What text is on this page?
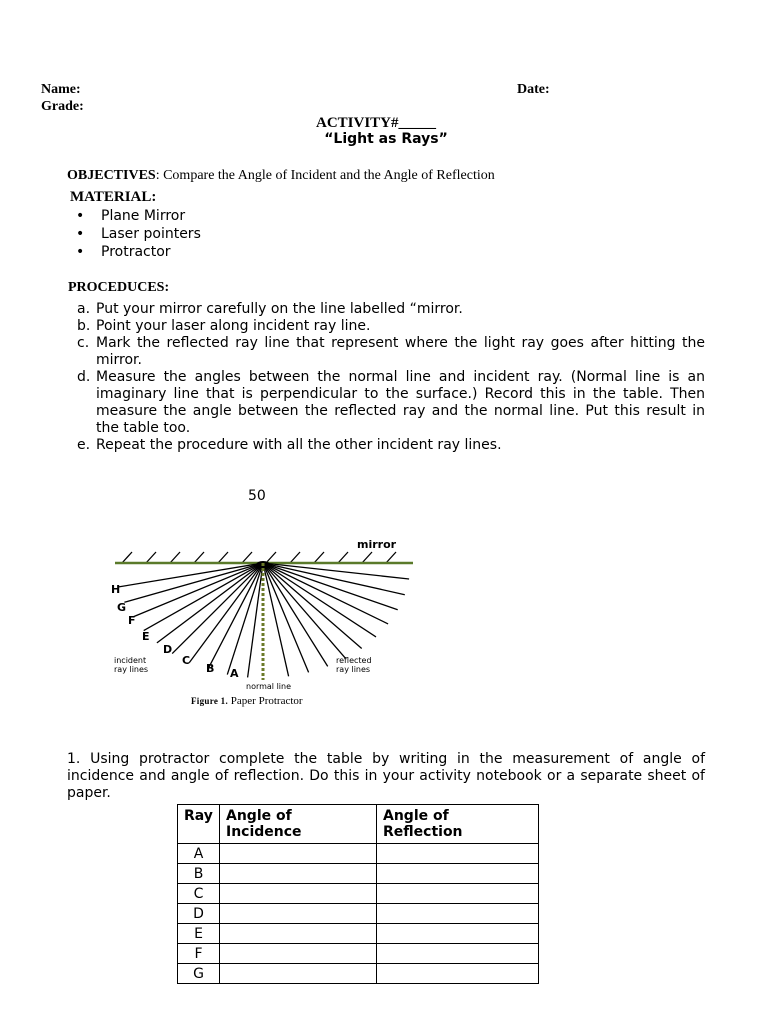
Name:	Date:
Grade:
ACTIVITY#_____
“Light as Rays”
OBJECTIVES: Compare the Angle of Incident and the Angle of Reflection
MATERIAL:
• Plane Mirror
• Laser pointers
• Protractor
PROCEDUCES:
a. Put your mirror carefully on the line labelled “mirror.
b. Point your laser along incident ray line.
c. Mark the reflected ray line that represent where the light ray goes after hitting the mirror.
d. Measure the angles between the normal line and incident ray. (Normal line is an imaginary line that is perpendicular to the surface.) Record this in the table. Then measure the angle between the reflected ray and the normal line. Put this result in the table too.
e. Repeat the procedure with all the other incident ray lines.
50
mirror
H
G
F
E
D
C
B A
incident
ray lines
reflected
ray lines
normal line
Figure 1. Paper Protractor
1. Using protractor complete the table by writing in the measurement of angle of incidence and angle of reflection. Do this in your activity notebook or a separate sheet of paper.
Ray	Angle of Incidence	Angle of Reflection
A		
B		
C		
D		
E		
F		
G		
